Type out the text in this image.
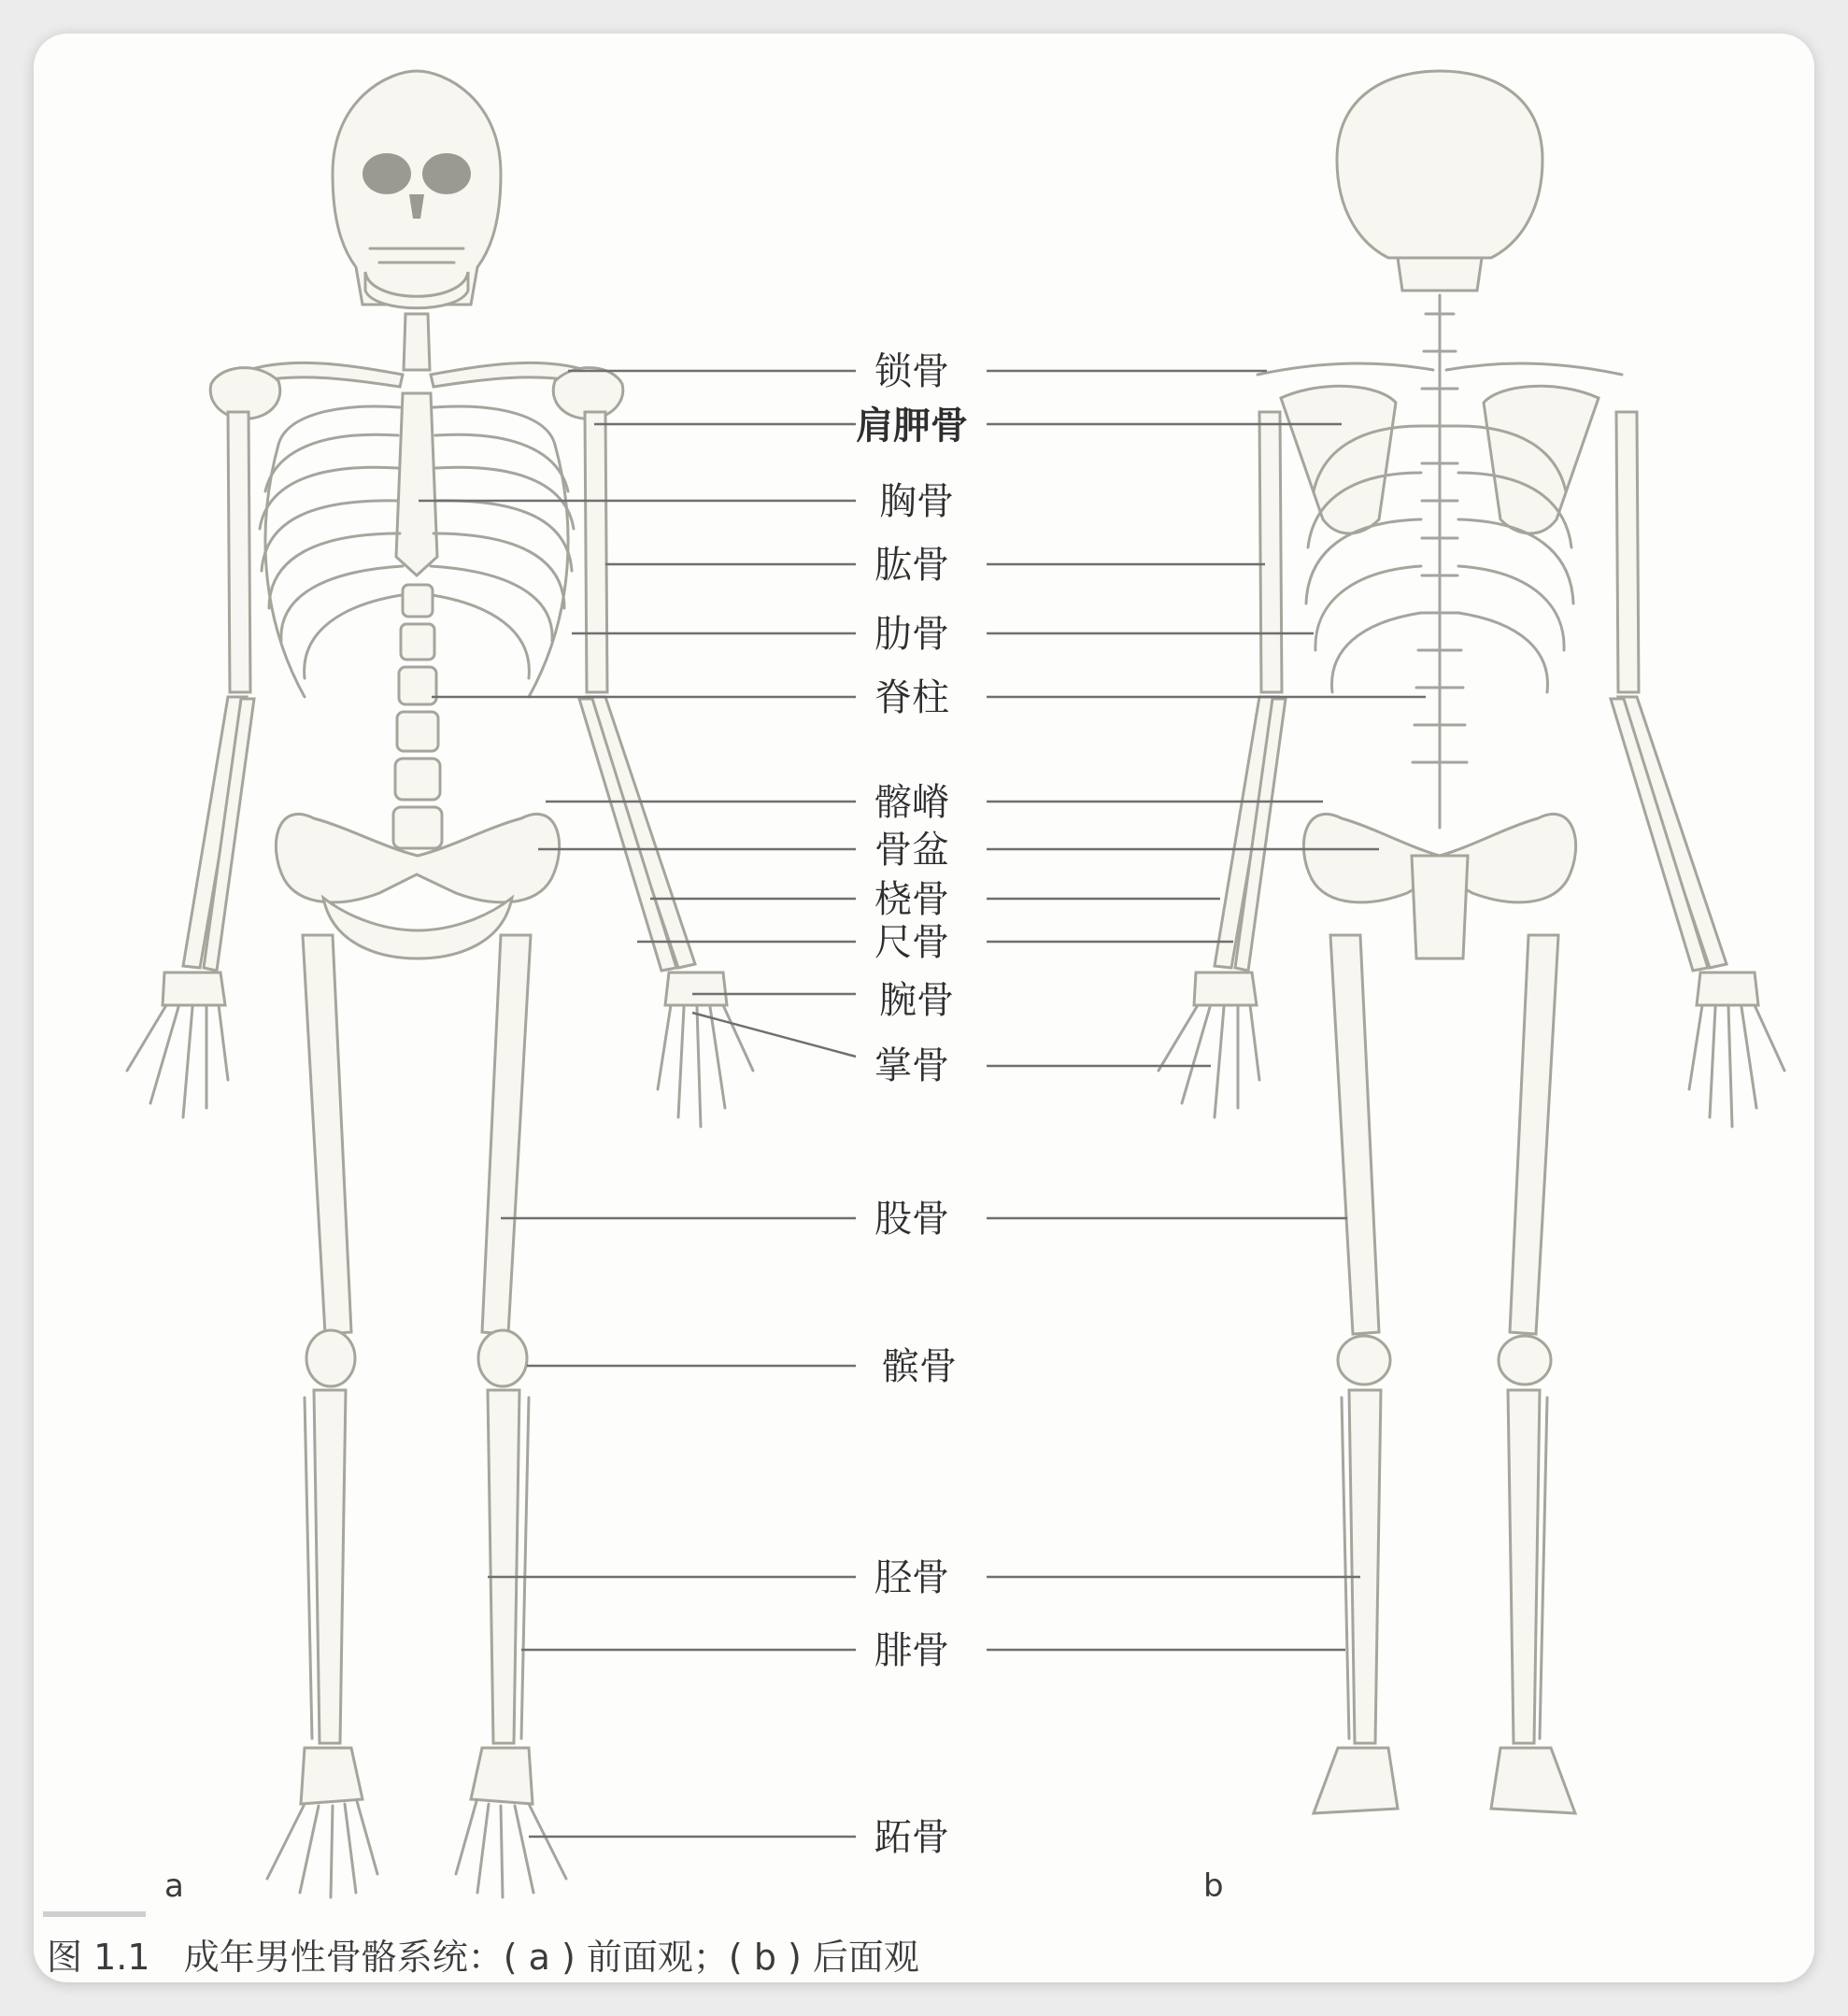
锁骨
肩胛骨
胸骨
肱骨
肋骨
脊柱
髂嵴
骨盆
桡骨
尺骨
腕骨
掌骨
股骨
髌骨
胫骨
腓骨
跖骨
a	b
图 1.1   成年男性骨骼系统：( a ) 前面观；( b ) 后面观
